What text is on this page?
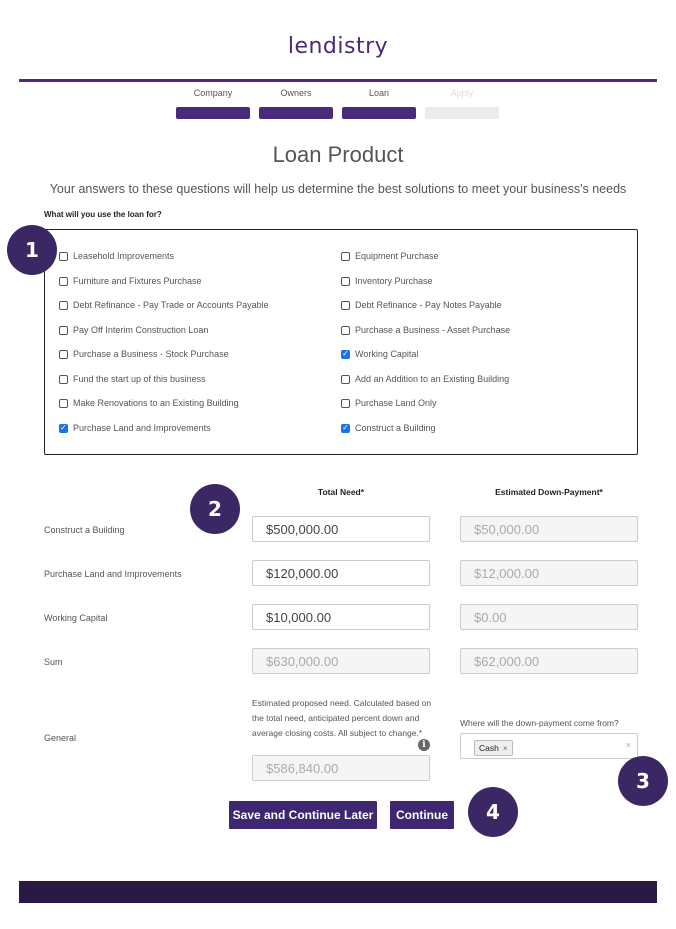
lendistry
Company	Owners	Loan	Apply
Loan Product
Your answers to these questions will help us determine the best solutions to meet your business's needs
What will you use the loan for?
Leasehold Improvements
Furniture and Fixtures Purchase
Debt Refinance - Pay Trade or Accounts Payable
Pay Off Interim Construction Loan
Purchase a Business - Stock Purchase
Fund the start up of this business
Make Renovations to an Existing Building
✓ Purchase Land and Improvements
Equipment Purchase
Inventory Purchase
Debt Refinance - Pay Notes Payable
Purchase a Business - Asset Purchase
✓ Working Capital
Add an Addition to an Existing Building
Purchase Land Only
✓ Construct a Building
Total Need*	Estimated Down-Payment*
Construct a Building	$500,000.00	$50,000.00
Purchase Land and Improvements	$120,000.00	$12,000.00
Working Capital	$10,000.00	$0.00
Sum	$630,000.00	$62,000.00
General
Estimated proposed need. Calculated based on the total need, anticipated percent down and average closing costs. All subject to change.*
i
$586,840.00
Where will the down-payment come from?
Cash ×	×
Save and Continue Later	Continue
1
2
3
4
